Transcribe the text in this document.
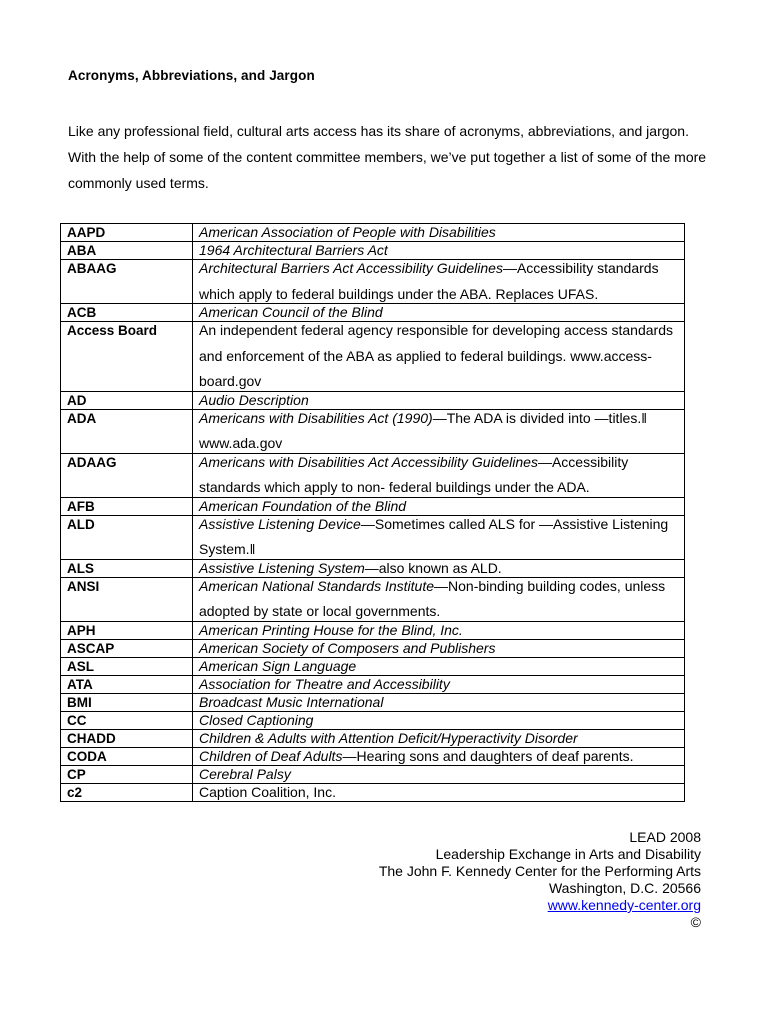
Acronyms, Abbreviations, and Jargon
Like any professional field, cultural arts access has its share of acronyms, abbreviations, and jargon. With the help of some of the content committee members, we’ve put together a list of some of the more commonly used terms.
AAPD	American Association of People with Disabilities
ABA	1964 Architectural Barriers Act
ABAAG	Architectural Barriers Act Accessibility Guidelines—Accessibility standards which apply to federal buildings under the ABA. Replaces UFAS.

ACB	American Council of the Blind
Access Board	An independent federal agency responsible for developing access standards and enforcement of the ABA as applied to federal buildings. www.access-board.gov

AD	Audio Description
ADA	Americans with Disabilities Act (1990)—The ADA is divided into —titles.‖ www.ada.gov

ADAAG	Americans with Disabilities Act Accessibility Guidelines—Accessibility standards which apply to non- federal buildings under the ADA.

AFB	American Foundation of the Blind
ALD	Assistive Listening Device—Sometimes called ALS for —Assistive Listening System.‖

ALS	Assistive Listening System—also known as ALD.
ANSI	American National Standards Institute—Non-binding building codes, unless adopted by state or local governments.

APH	American Printing House for the Blind, Inc.
ASCAP	American Society of Composers and Publishers
ASL	American Sign Language
ATA	Association for Theatre and Accessibility
BMI	Broadcast Music International
CC	Closed Captioning
CHADD	Children & Adults with Attention Deficit/Hyperactivity Disorder
CODA	Children of Deaf Adults—Hearing sons and daughters of deaf parents.
CP	Cerebral Palsy
c2	Caption Coalition, Inc.
LEAD 2008
Leadership Exchange in Arts and Disability
The John F. Kennedy Center for the Performing Arts
Washington, D.C. 20566
www.kennedy-center.org
©
